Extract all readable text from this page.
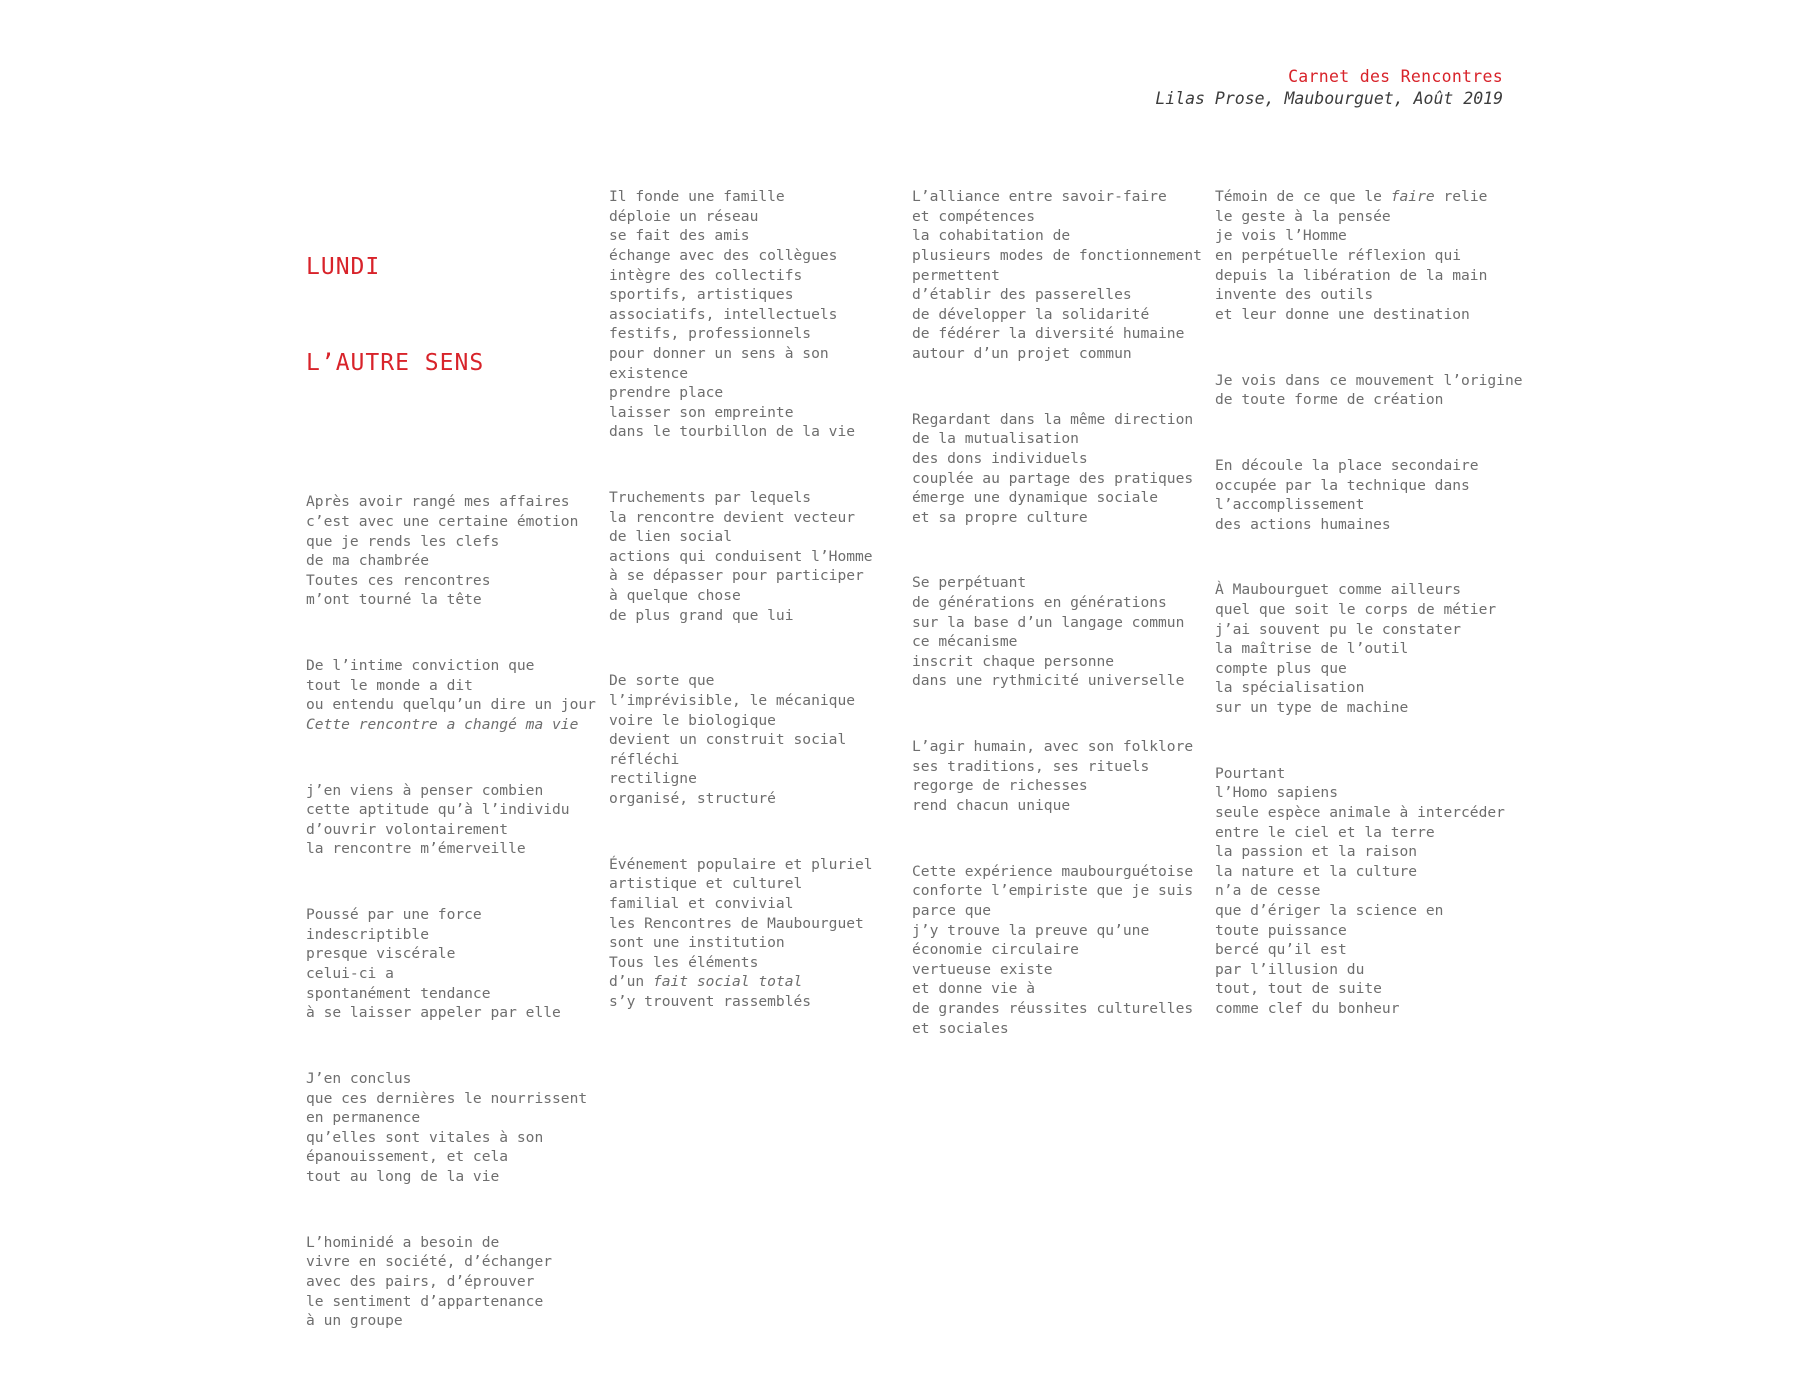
Carnet des Rencontres
Lilas Prose, Maubourguet, Août 2019

LUNDI

L’AUTRE SENS

Après avoir rangé mes affaires
c’est avec une certaine émotion
que je rends les clefs
de ma chambrée
Toutes ces rencontres
m’ont tourné la tête

De l’intime conviction que
tout le monde a dit
ou entendu quelqu’un dire un jour
Cette rencontre a changé ma vie

j’en viens à penser combien
cette aptitude qu’à l’individu
d’ouvrir volontairement
la rencontre m’émerveille

Poussé par une force
indescriptible
presque viscérale
celui-ci a
spontanément tendance
à se laisser appeler par elle

J’en conclus
que ces dernières le nourrissent
en permanence
qu’elles sont vitales à son
épanouissement, et cela
tout au long de la vie

L’hominidé a besoin de
vivre en société, d’échanger
avec des pairs, d’éprouver
le sentiment d’appartenance
à un groupe

Il fonde une famille
déploie un réseau
se fait des amis
échange avec des collègues
intègre des collectifs
sportifs, artistiques
associatifs, intellectuels
festifs, professionnels
pour donner un sens à son
existence
prendre place
laisser son empreinte
dans le tourbillon de la vie

Truchements par lequels
la rencontre devient vecteur
de lien social
actions qui conduisent l’Homme
à se dépasser pour participer
à quelque chose
de plus grand que lui

De sorte que
l’imprévisible, le mécanique
voire le biologique
devient un construit social
réfléchi
rectiligne
organisé, structuré

Événement populaire et pluriel
artistique et culturel
familial et convivial
les Rencontres de Maubourguet
sont une institution
Tous les éléments
d’un fait social total
s’y trouvent rassemblés

L’alliance entre savoir-faire
et compétences
la cohabitation de
plusieurs modes de fonctionnement
permettent
d’établir des passerelles
de développer la solidarité
de fédérer la diversité humaine
autour d’un projet commun

Regardant dans la même direction
de la mutualisation
des dons individuels
couplée au partage des pratiques
émerge une dynamique sociale
et sa propre culture

Se perpétuant
de générations en générations
sur la base d’un langage commun
ce mécanisme
inscrit chaque personne
dans une rythmicité universelle

L’agir humain, avec son folklore
ses traditions, ses rituels
regorge de richesses
rend chacun unique

Cette expérience maubourguétoise
conforte l’empiriste que je suis
parce que
j’y trouve la preuve qu’une
économie circulaire
vertueuse existe
et donne vie à
de grandes réussites culturelles
et sociales

Témoin de ce que le faire relie
le geste à la pensée
je vois l’Homme
en perpétuelle réflexion qui
depuis la libération de la main
invente des outils
et leur donne une destination

Je vois dans ce mouvement l’origine
de toute forme de création

En découle la place secondaire
occupée par la technique dans
l’accomplissement
des actions humaines

À Maubourguet comme ailleurs
quel que soit le corps de métier
j’ai souvent pu le constater
la maîtrise de l’outil
compte plus que
la spécialisation
sur un type de machine

Pourtant
l’Homo sapiens
seule espèce animale à intercéder
entre le ciel et la terre
la passion et la raison
la nature et la culture
n’a de cesse
que d’ériger la science en
toute puissance
bercé qu’il est
par l’illusion du
tout, tout de suite
comme clef du bonheur
